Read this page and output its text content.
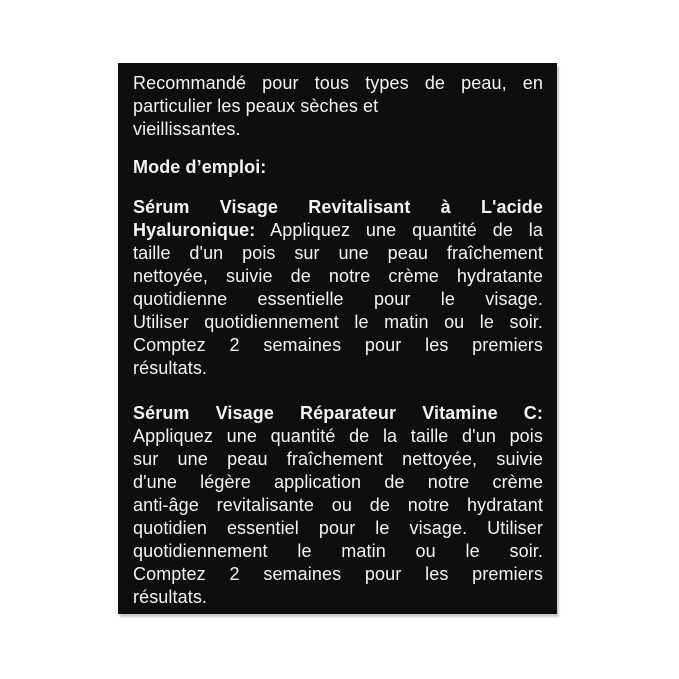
Recommandé pour tous types de peau, en
particulier les peaux sèches et
vieillissantes.
Mode d’emploi:
Sérum Visage Revitalisant à L'acide
Hyaluronique: Appliquez une quantité de la
taille d'un pois sur une peau fraîchement
nettoyée, suivie de notre crème hydratante
quotidienne essentielle pour le visage.
Utiliser quotidiennement le matin ou le soir.
Comptez 2 semaines pour les premiers
résultats.
Sérum Visage Réparateur Vitamine C:
Appliquez une quantité de la taille d'un pois
sur une peau fraîchement nettoyée, suivie
d'une légère application de notre crème
anti-âge revitalisante ou de notre hydratant
quotidien essentiel pour le visage. Utiliser
quotidiennement le matin ou le soir.
Comptez 2 semaines pour les premiers
résultats.
